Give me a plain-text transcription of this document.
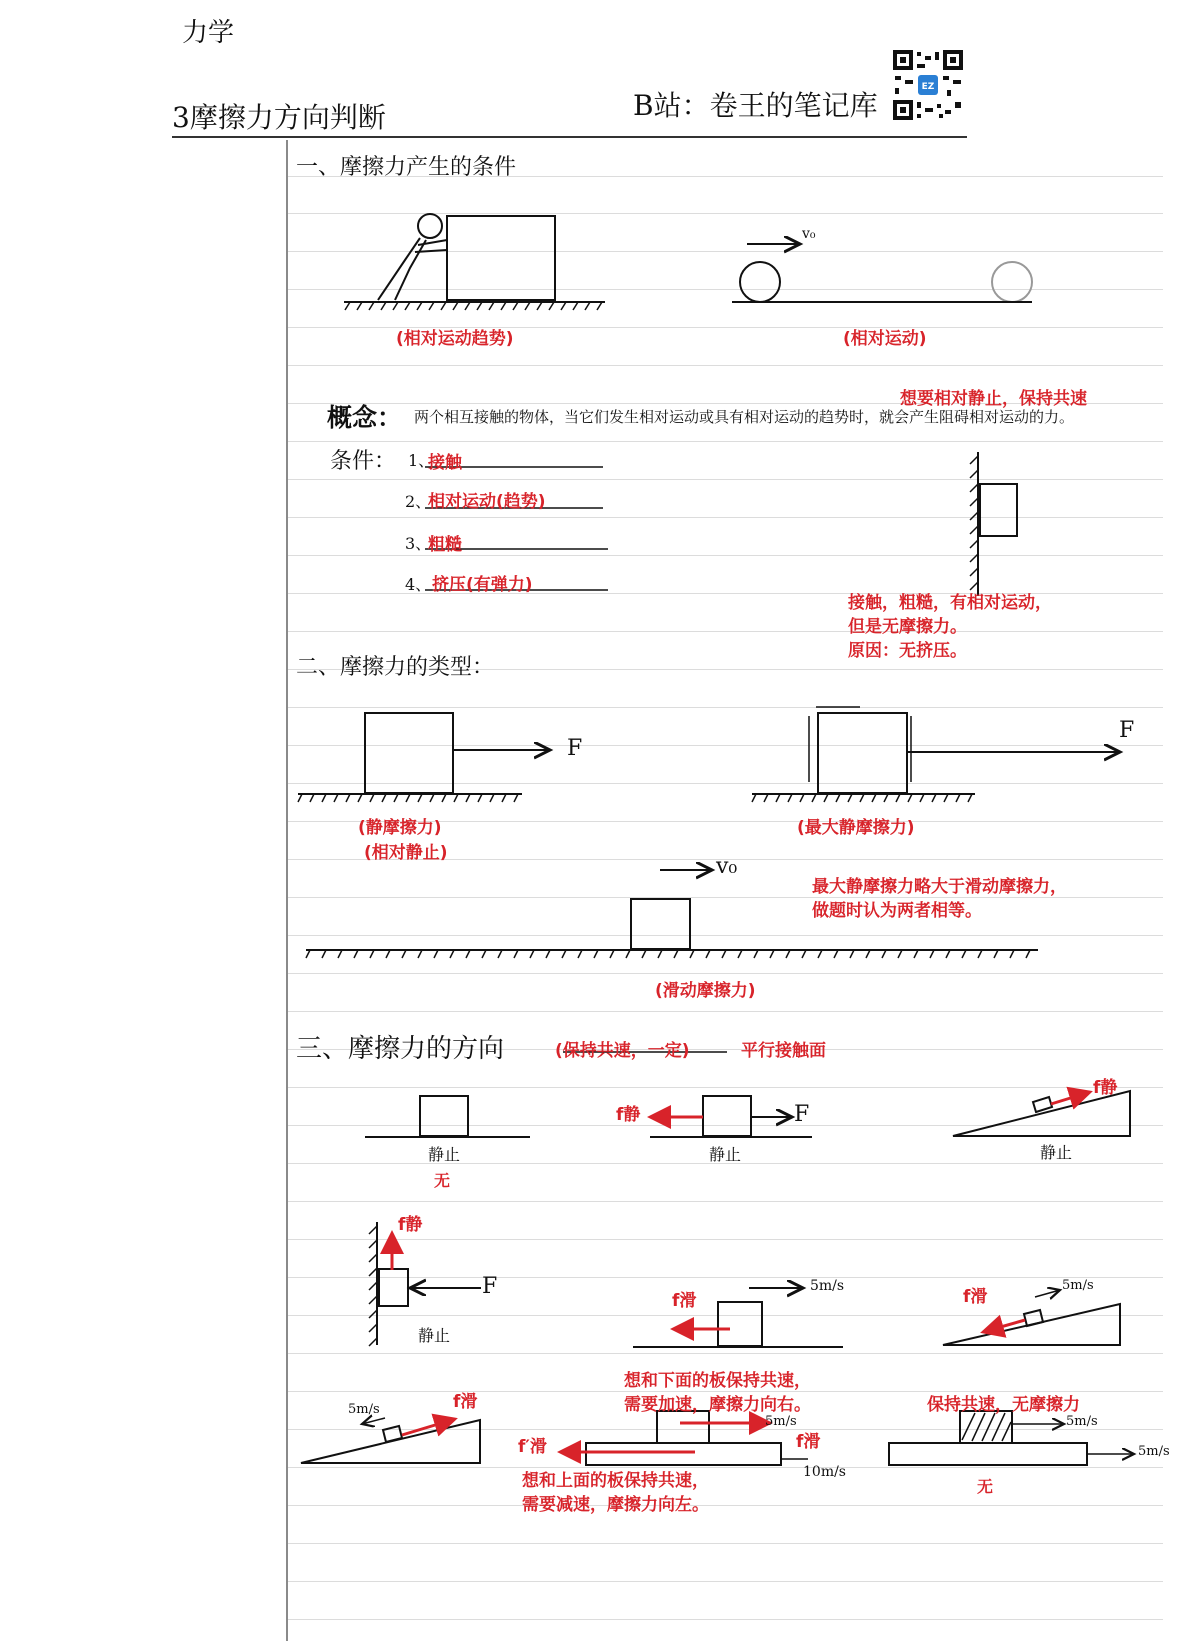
力学
3摩擦力方向判断	B站：卷王的笔记库
EZ
一、摩擦力产生的条件
(相对运动趋势)
v₀
(相对运动)
想要相对静止，保持共速
概念： 两个相互接触的物体，当它们发生相对运动或具有相对运动的趋势时，就会产生阻碍相对运动的力。
条件： 1、
接触
2、
相对运动(趋势)
3、
粗糙
4、 挤压(有弹力)
接触，粗糙，有相对运动，
但是无摩擦力。
原因：无挤压。
二、摩擦力的类型：
F
(静摩擦力)
(相对静止)
F
(最大静摩擦力)
最大静摩擦力略大于滑动摩擦力，
做题时认为两者相等。
v₀
(滑动摩擦力)
三、摩擦力的方向	(保持共速，一定)	平行接触面
静止
无
f静	F
静止
f静
静止
f静
F
静止
f滑
5m/s
f滑
5m/s
f滑
5m/s
想和下面的板保持共速，
需要加速，摩擦力向右。
f滑
5m/s
f′滑
10m/s
想和上面的板保持共速，
需要减速，摩擦力向左。
保持共速，无摩擦力
5m/s
5m/s
无
